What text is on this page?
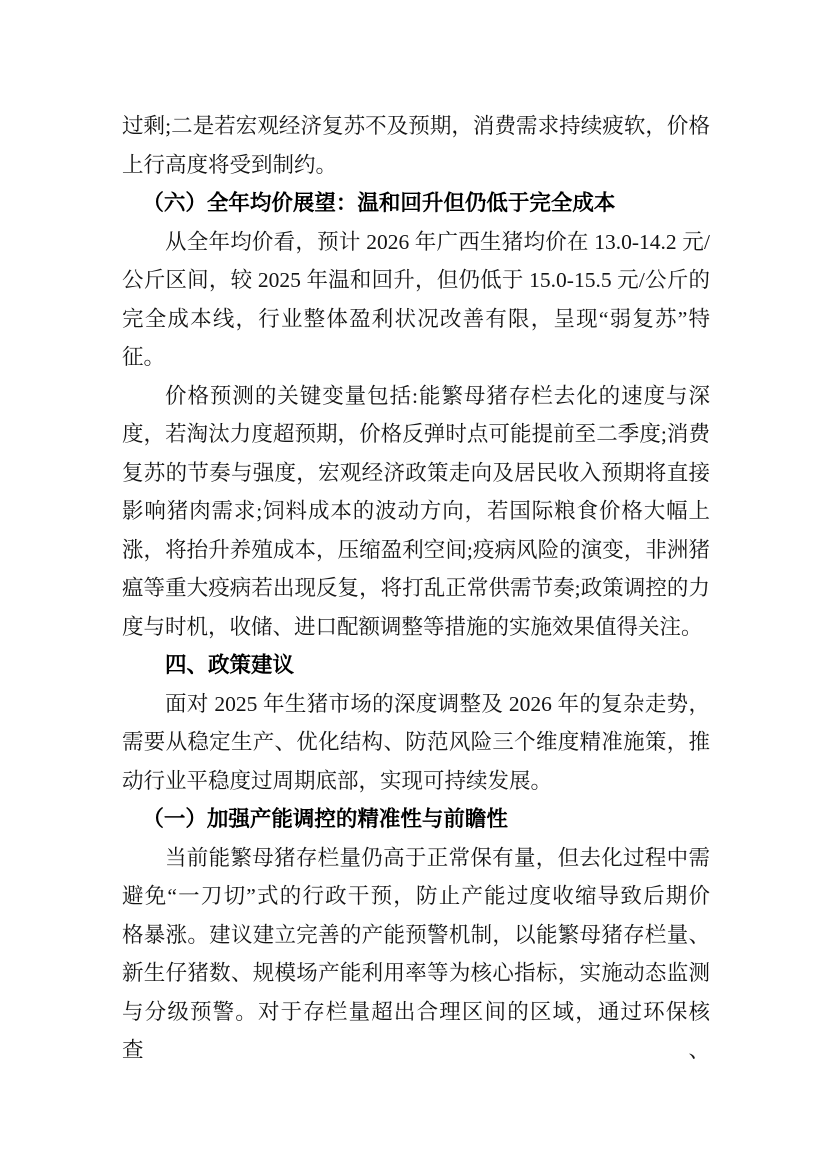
过剩;二是若宏观经济复苏不及预期，消费需求持续疲软，价格
上行高度将受到制约。
（六）全年均价展望：温和回升但仍低于完全成本
从全年均价看，预计 2026 年广西生猪均价在 13.0-14.2 元/
公斤区间，较 2025 年温和回升，但仍低于 15.0-15.5 元/公斤的
完全成本线，行业整体盈利状况改善有限，呈现“弱复苏”特
征。
价格预测的关键变量包括:能繁母猪存栏去化的速度与深
度，若淘汰力度超预期，价格反弹时点可能提前至二季度;消费
复苏的节奏与强度，宏观经济政策走向及居民收入预期将直接
影响猪肉需求;饲料成本的波动方向，若国际粮食价格大幅上
涨，将抬升养殖成本，压缩盈利空间;疫病风险的演变，非洲猪
瘟等重大疫病若出现反复，将打乱正常供需节奏;政策调控的力
度与时机，收储、进口配额调整等措施的实施效果值得关注。
四、政策建议
面对 2025 年生猪市场的深度调整及 2026 年的复杂走势，
需要从稳定生产、优化结构、防范风险三个维度精准施策，推
动行业平稳度过周期底部，实现可持续发展。
（一）加强产能调控的精准性与前瞻性
当前能繁母猪存栏量仍高于正常保有量，但去化过程中需
避免“一刀切”式的行政干预，防止产能过度收缩导致后期价
格暴涨。建议建立完善的产能预警机制，以能繁母猪存栏量、
新生仔猪数、规模场产能利用率等为核心指标，实施动态监测
与分级预警。对于存栏量超出合理区间的区域，通过环保核查、
